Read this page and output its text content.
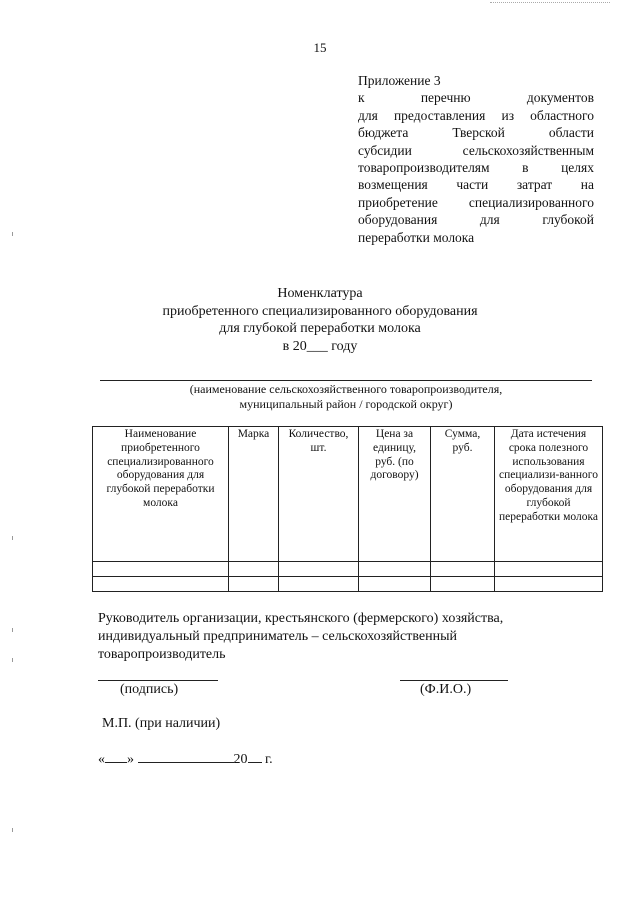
15
Приложение 3
к перечню документов
для предоставления из областного
бюджета Тверской области
субсидии сельскохозяйственным
товаропроизводителям в целях
возмещения части затрат на
приобретение специализированного
оборудования для глубокой
переработки молока
Номенклатура
приобретенного специализированного оборудования
для глубокой переработки молока
в 20___ году
(наименование сельскохозяйственного товаропроизводителя,
муниципальный район / городской округ)
Наименование приобретенного специализированного оборудования для глубокой переработки молока	Марка	Количество, шт.	Цена за единицу, руб. (по договору)	Сумма, руб.	Дата истечения срока полезного использования специализи-ванного оборудования для глубокой переработки молока

Руководитель организации, крестьянского (фермерского) хозяйства,
индивидуальный предприниматель – сельскохозяйственный
товаропроизводитель
(подпись)	(Ф.И.О.)
М.П. (при наличии)
« »	20 г.
